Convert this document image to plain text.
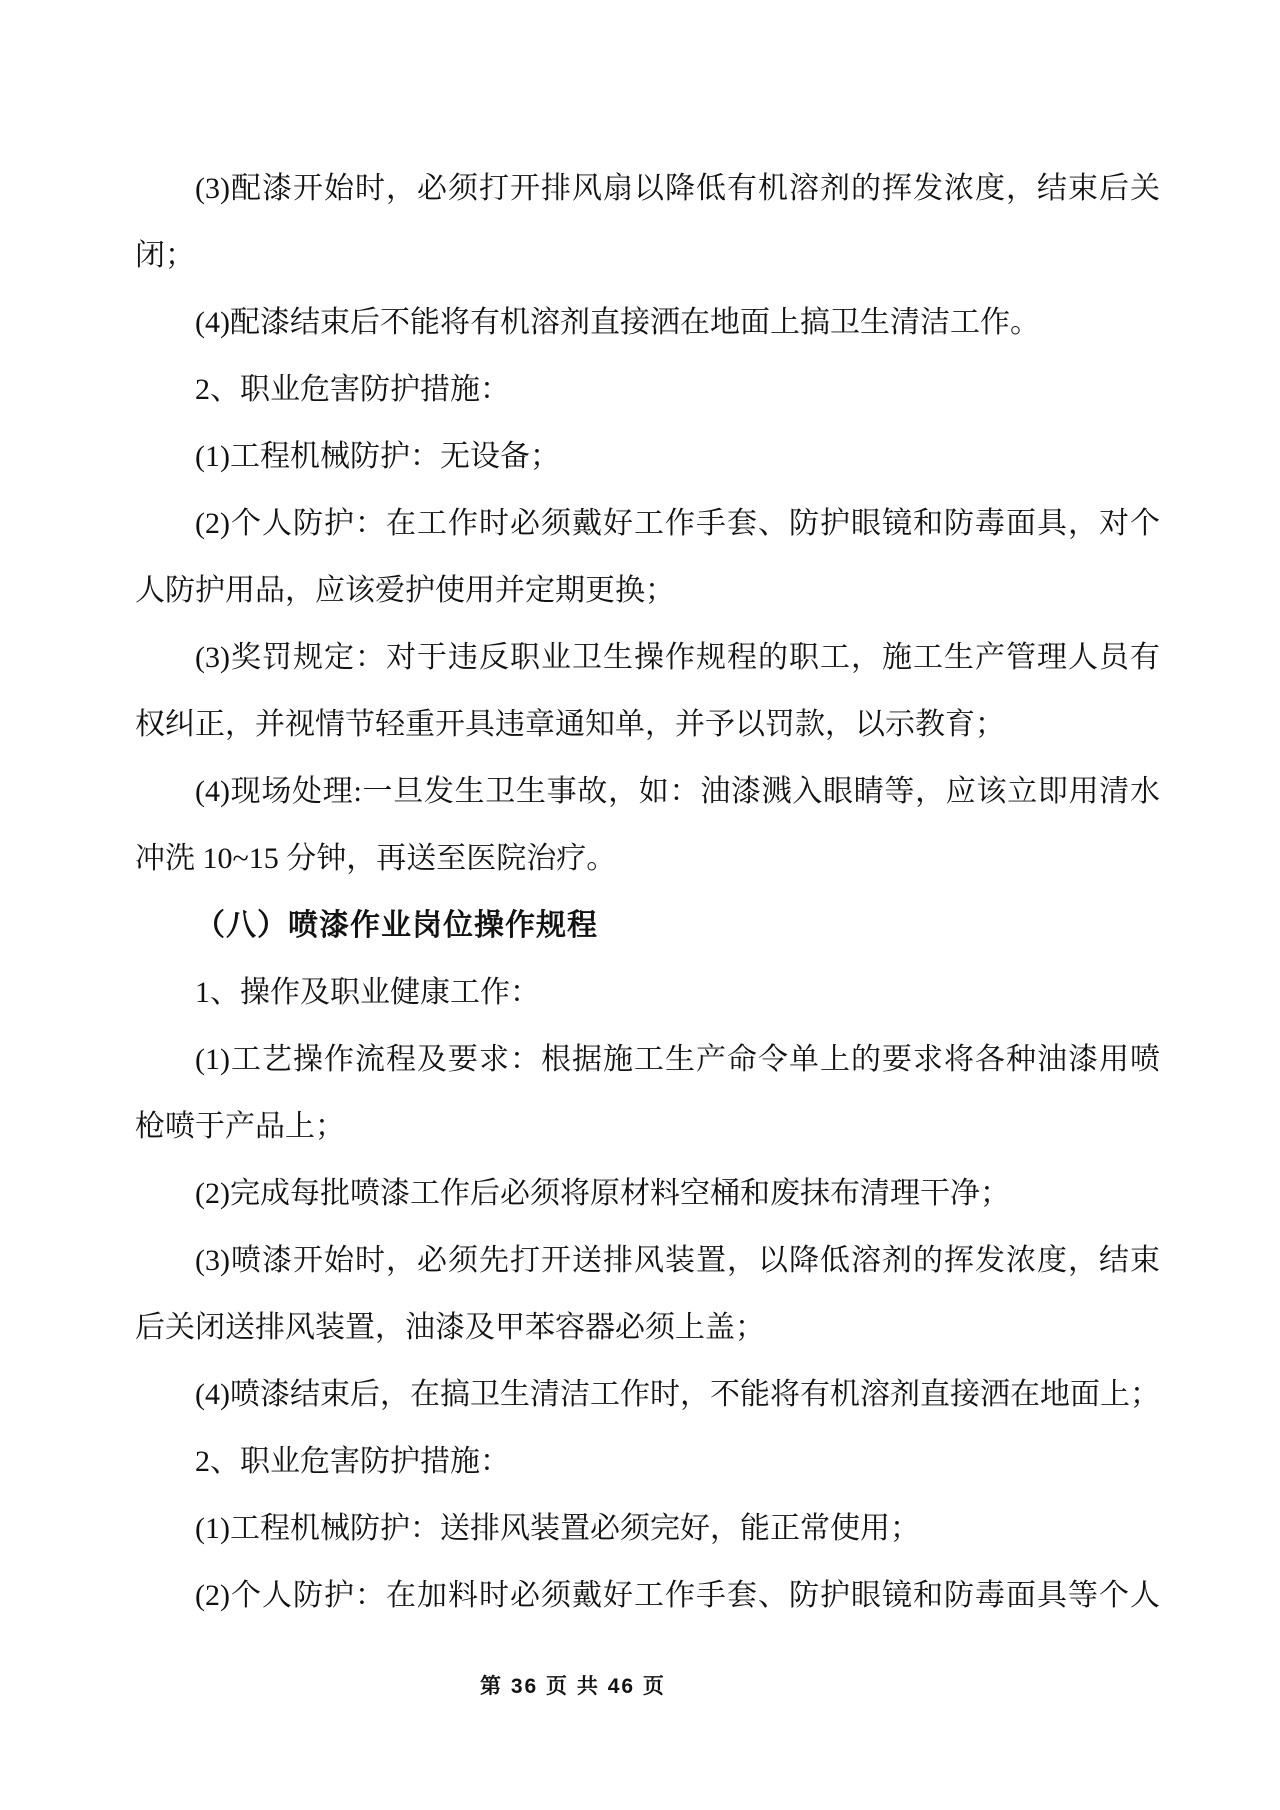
(3)配漆开始时，必须打开排风扇以降低有机溶剂的挥发浓度，结束后关
闭；
(4)配漆结束后不能将有机溶剂直接洒在地面上搞卫生清洁工作。
2、职业危害防护措施：
(1)工程机械防护：无设备；
(2)个人防护：在工作时必须戴好工作手套、防护眼镜和防毒面具，对个
人防护用品，应该爱护使用并定期更换；
(3)奖罚规定：对于违反职业卫生操作规程的职工，施工生产管理人员有
权纠正，并视情节轻重开具违章通知单，并予以罚款，以示教育；
(4)现场处理:一旦发生卫生事故，如：油漆溅入眼睛等，应该立即用清水
冲洗 10~15 分钟，再送至医院治疗。
（八）喷漆作业岗位操作规程
1、操作及职业健康工作：
(1)工艺操作流程及要求：根据施工生产命令单上的要求将各种油漆用喷
枪喷于产品上；
(2)完成每批喷漆工作后必须将原材料空桶和废抹布清理干净；
(3)喷漆开始时，必须先打开送排风装置，以降低溶剂的挥发浓度，结束
后关闭送排风装置，油漆及甲苯容器必须上盖；
(4)喷漆结束后，在搞卫生清洁工作时，不能将有机溶剂直接洒在地面上；
2、职业危害防护措施：
(1)工程机械防护：送排风装置必须完好，能正常使用；
(2)个人防护：在加料时必须戴好工作手套、防护眼镜和防毒面具等个人
第 36 页 共 46 页
